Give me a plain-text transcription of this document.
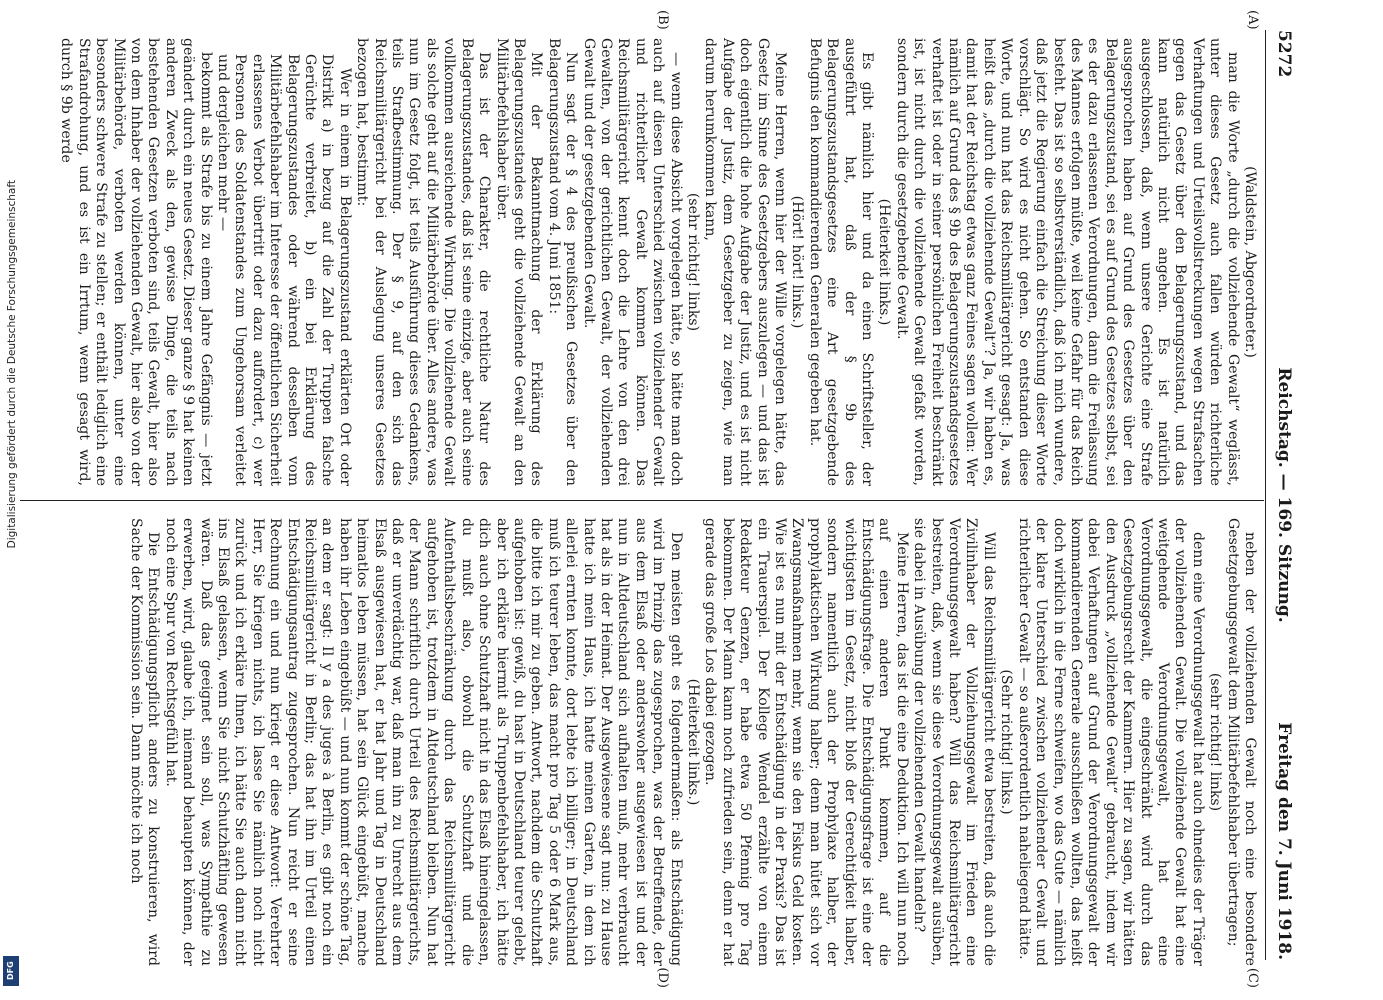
5272
Reichstag. — 169. Sitzung.
Freitag den 7. Juni 1918.
(A)
(B)
(C)
(D)

(Waldstein, Abgeordneter.)

man die Worte „durch die vollziehende Gewalt“ weglässt, unter dieses Gesetz auch fallen würden richterliche Verhaftungen und Urteilsvollstreckungen wegen Strafsachen gegen das Gesetz über den Belagerungszustand, und das kann natürlich nicht angehen. Es ist natürlich ausgeschlossen, daß, wenn unsere Gerichte eine Strafe ausgesprochen haben auf Grund des Gesetzes über den Belagerungszustand, sei es auf Grund des Gesetzes selbst, sei es der dazu erlassenen Verordnungen, dann die Freilassung des Mannes erfolgen müßte, weil keine Gefahr für das Reich besteht. Das ist so selbstverständlich, daß ich mich wundere, daß jetzt die Regierung einfach die Streichung dieser Worte vorschlägt. So wird es nicht gehen. So entstanden diese Worte, und nun hat das Reichsmilitärgericht gesagt: Ja, was heißt das „durch die vollziehende Gewalt“? Ja, wir haben es, damit hat der Reichstag etwas ganz Feines sagen wollen: Wer nämlich auf Grund des § 9b des Belagerungszustandsgesetzes verhaftet ist oder in seiner persönlichen Freiheit beschränkt ist, ist nicht durch die vollziehende Gewalt gefaßt worden, sondern durch die gesetzgebende Gewalt.

(Heiterkeit links.)

Es gibt nämlich hier und da einen Schriftsteller, der ausgeführt hat, daß der § 9b des Belagerungszustandsgesetzes eine Art gesetzgebende Befugnis den kommandierenden Generalen gegeben hat.

(Hört! hört! links.)

Meine Herren, wenn hier der Wille vorgelegen hätte, das Gesetz im Sinne des Gesetzgebers auszulegen — und das ist doch eigentlich die hohe Aufgabe der Justiz, und es ist nicht Aufgabe der Justiz, dem Gesetzgeber zu zeigen, wie man darum herumkommen kann,

(sehr richtig! links)

— wenn diese Absicht vorgelegen hätte, so hätte man doch auch auf diesen Unterschied zwischen vollziehender Gewalt und richterlicher Gewalt kommen können. Das Reichsmilitärgericht kennt doch die Lehre von den drei Gewalten, von der gerichtlichen Gewalt, der vollziehenden Gewalt und der gesetzgebenden Gewalt.

Nun sagt der § 4 des preußischen Gesetzes über den Belagerungszustand vom 4. Juni 1851:

Mit der Bekanntmachung der Erklärung des Belagerungszustandes geht die vollziehende Gewalt an den Militärbefehlshaber über.

Das ist der Charakter, die rechtliche Natur des Belagerungszustandes, daß ist seine einzige, aber auch seine vollkommen ausreichende Wirkung. Die vollziehende Gewalt als solche geht auf die Militärbehörde über. Alles andere, was nun im Gesetz folgt, ist teils Ausführung dieses Gedankens, teils Strafbestimmung. Der § 9, auf den sich das Reichsmilitärgericht bei der Auslegung unseres Gesetzes bezogen hat, bestimmt:

Wer in einem in Belagerungszustand erklärten Ort oder Distrikt a) in bezug auf die Zahl der Truppen falsche Gerüchte verbreitet, b) ein bei Erklärung des Belagerungszustandes oder während desselben vom Militärbefehlshaber im Interesse der öffentlichen Sicherheit erlassenes Verbot übertritt oder dazu auffordert, c) wer Personen des Soldatenstandes zum Ungehorsam verleitet und dergleichen mehr —

bekommt als Strafe bis zu einem Jahre Gefängnis — jetzt geändert durch ein neues Gesetz. Dieser ganze § 9 hat keinen anderen Zweck als den, gewisse Dinge, die teils nach bestehenden Gesetzen verboten sind, teils Gewalt, hier also von dem Inhaber der vollziehenden Gewalt, hier also von der Militärbehörde, verboten werden können, unter eine besonders schwere Strafe zu stellen; er enthält lediglich eine Strafandrohung, und es ist ein Irrtum, wenn gesagt wird, durch § 9b werde

neben der vollziehenden Gewalt noch eine besondere Gesetzgebungsgewalt dem Militärbefehlshaber übertragen;

(sehr richtig! links)

denn eine Verordnungsgewalt hat auch ohnedies der Träger der vollziehenden Gewalt. Die vollziehende Gewalt hat eine weitgehende Verordnungsgewalt, hat eine Verordnungsgewalt, die eingeschränkt wird durch das Gesetzgebungsrecht der Kammern. Hier zu sagen, wir hätten den Ausdruck „vollziehende Gewalt“ gebraucht, indem wir dabei Verhaftungen auf Grund der Verordnungsgewalt der kommandierenden Generale ausschließen wollten, das heißt doch wirklich in die Ferne schweifen, wo das Gute — nämlich der klare Unterschied zwischen vollziehender Gewalt und richterlicher Gewalt — so außerordentlich naheliegend hätte.

(Sehr richtig! links.)

Will das Reichsmilitärgericht etwa bestreiten, daß auch die Zivilinhaber der Vollziehungsgewalt im Frieden eine Verordnungsgewalt haben? Will das Reichsmilitärgericht bestreiten, daß, wenn sie diese Verordnungsgewalt ausüben, sie dabei in Ausübung der vollziehenden Gewalt handeln?

Meine Herren, das ist die eine Deduktion. Ich will nun noch auf einen anderen Punkt kommen, auf die Entschädigungsfrage. Die Entschädigungsfrage ist eine der wichtigsten im Gesetz, nicht bloß der Gerechtigkeit halber, sondern namentlich auch der Prophylaxe halber, der prophylaktischen Wirkung halber; denn man hütet sich vor Zwangsmaßnahmen mehr, wenn sie den Fiskus Geld kosten. Wie ist es nun mit der Entschädigung in der Praxis? Das ist ein Trauerspiel. Der Kollege Wendel erzählte von einem Redakteur Genzen, er habe etwa 50 Pfennig pro Tag bekommen. Der Mann kann noch zufrieden sein, denn er hat gerade das große Los dabei gezogen.

(Heiterkeit links.)

Den meisten geht es folgendermaßen: als Entschädigung wird im Prinzip das zugesprochen, was der Betreffende, der aus dem Elsaß oder anderswoher ausgewiesen ist und der nun in Altdeutschland sich aufhalten muß, mehr verbraucht hat als in der Heimat. Der Ausgewiesene sagt nun: zu Hause hatte ich mein Haus, ich hatte meinen Garten, in dem ich allerlei ernten konnte, dort lebte ich billiger; in Deutschland muß ich teurer leben, das macht pro Tag 5 oder 6 Mark aus, die bitte ich mir zu geben. Antwort, nachdem die Schutzhaft aufgehoben ist: gewiß, du hast in Deutschland teurer gelebt, aber ich erkläre hiermit als Truppenbefehlshaber, ich hätte dich auch ohne Schutzhaft nicht in das Elsaß hineingelassen, du mußt also, obwohl die Schutzhaft und die Aufenthaltsbeschränkung durch das Reichsmilitärgericht aufgehoben ist, trotzdem in Altdeutschland bleiben. Nun hat der Mann schriftlich durch Urteil des Reichsmilitärgerichts, daß er unverdächtig war, daß man ihn zu Unrecht aus dem Elsaß ausgewiesen hat, er hat Jahr und Tag in Deutschland heimatlos leben müssen, hat sein Glück eingebüßt, manche haben ihr Leben eingebüßt — und nun kommt der schöne Tag, an dem er sagt: Il y a des juges à Berlin, es gibt noch ein Reichsmilitärgericht in Berlin; das hat ihn im Urteil einen Entschädigungsantrag zugesprochen. Nun reicht er seine Rechnung ein und nun kriegt er diese Antwort: Verehrter Herr, Sie kriegen nichts, ich lasse Sie nämlich noch nicht zurück und ich erkläre Ihnen, ich hätte Sie auch dann nicht ins Elsaß gelassen, wenn Sie nicht Schutzhäftling gewesen wären. Daß das geeignet sein soll, was Sympathie zu erwerben, wird, glaube ich, niemand behaupten können, der noch eine Spur von Rechtsgefühl hat.

Die Entschädigungspflicht anders zu konstruieren, wird Sache der Kommission sein. Dann möchte ich noch

Digitalisierung gefördert durch die Deutsche Forschungsgemeinschaft
DFG
